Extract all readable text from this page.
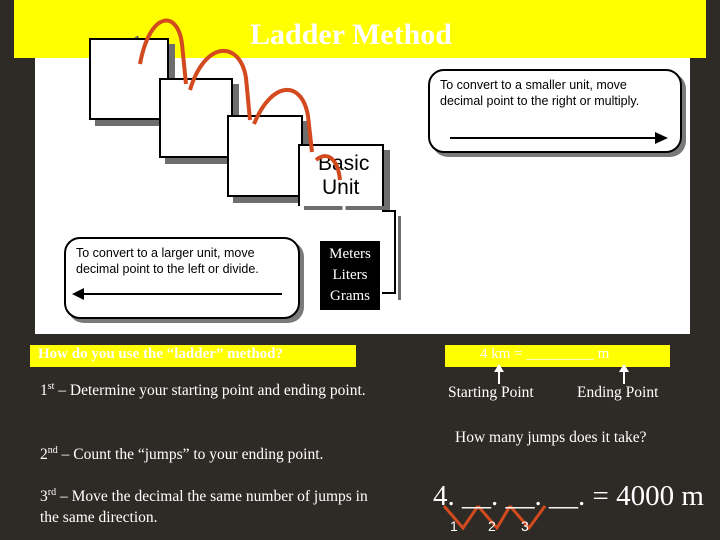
Ladder Method
Basic
Unit
To convert to a smaller unit, move decimal point to the right or multiply.
To convert to a larger unit, move decimal point to the left or divide.
Meters
Liters
Grams
How do you use the “ladder” method?
1st – Determine your starting point and ending point.
2nd – Count the “jumps” to your ending point.
3rd – Move the decimal the same number of jumps in the same direction.
4 km = _________ m
Starting Point	Ending Point
How many jumps does it take?
4. __. __. __. = 4000 m
1 2 3
